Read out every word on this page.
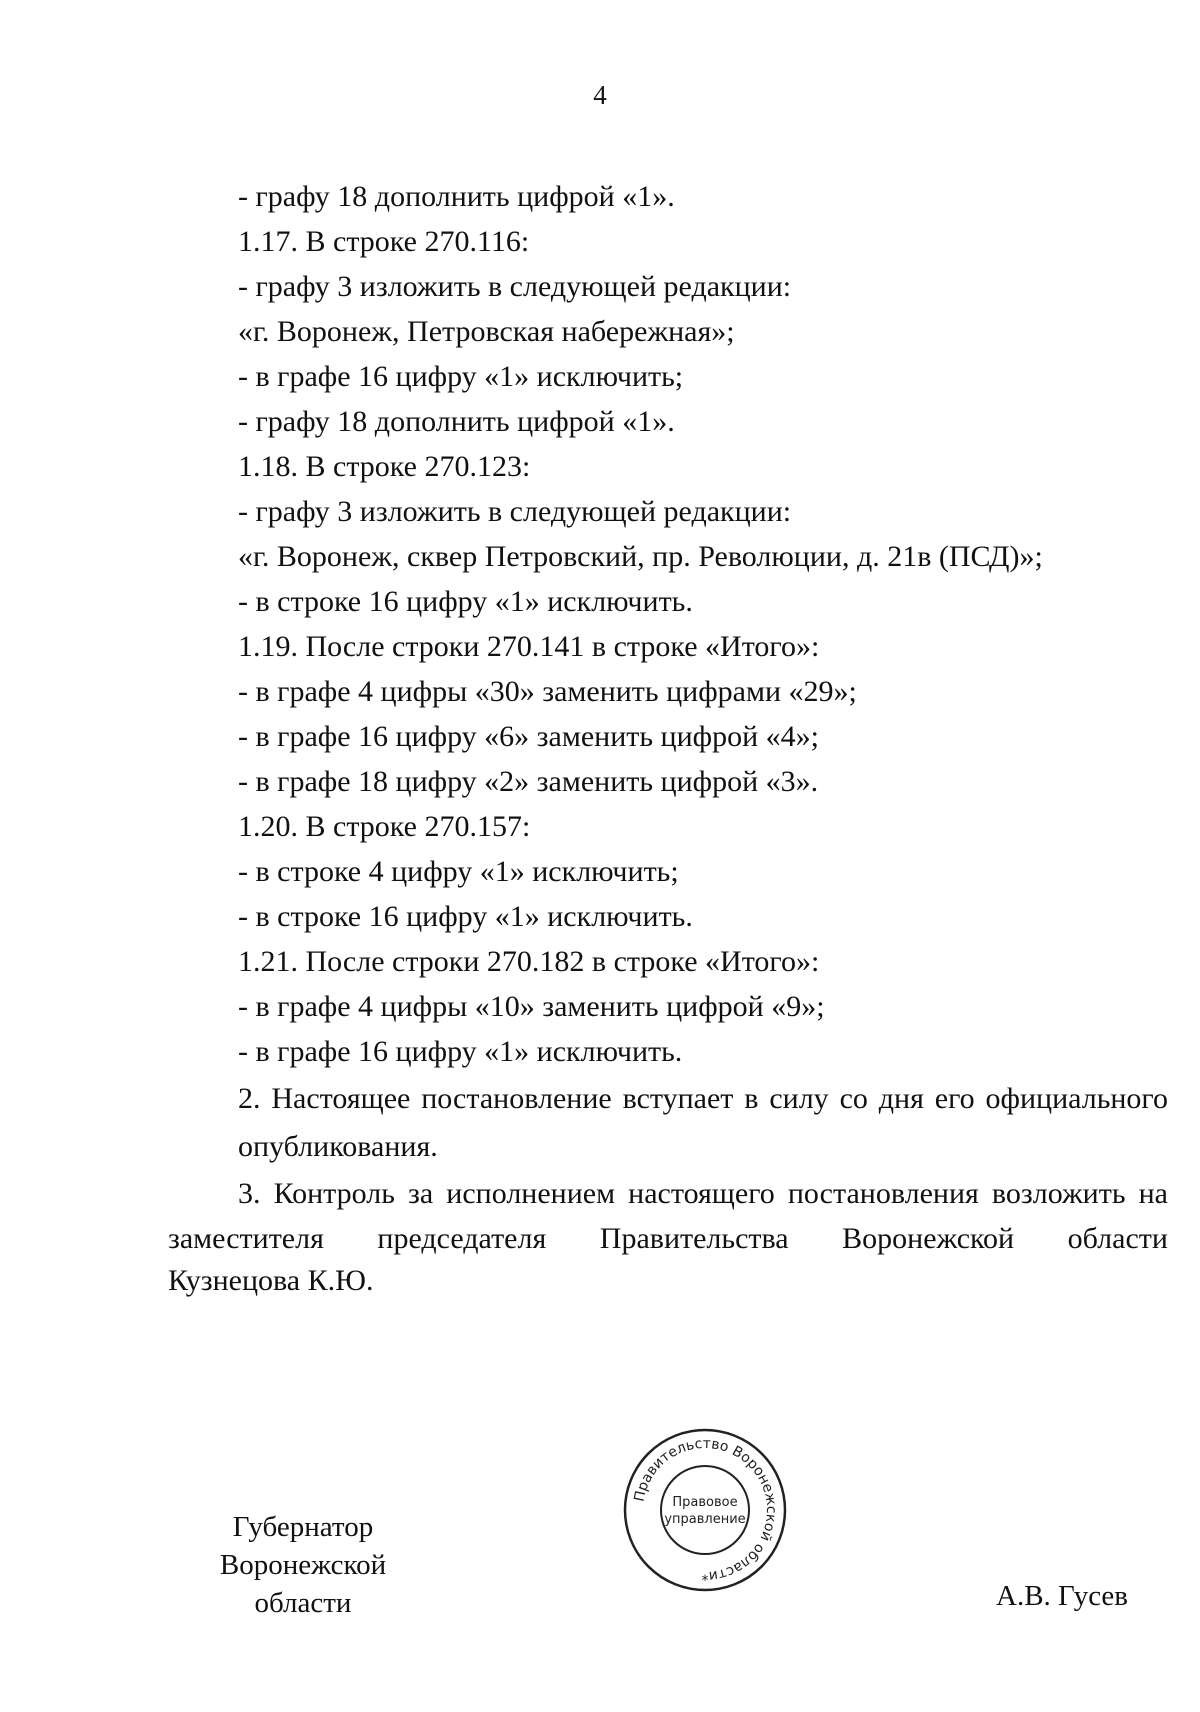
4
- графу 18 дополнить цифрой «1».
1.17. В строке 270.116:
- графу 3 изложить в следующей редакции:
«г. Воронеж, Петровская набережная»;
- в графе 16 цифру «1» исключить;
- графу 18 дополнить цифрой «1».
1.18. В строке 270.123:
- графу 3 изложить в следующей редакции:
«г. Воронеж, сквер Петровский, пр. Революции, д. 21в (ПСД)»;
- в строке 16 цифру «1» исключить.
1.19. После строки 270.141 в строке «Итого»:
- в графе 4 цифры «30» заменить цифрами «29»;
- в графе 16 цифру «6» заменить цифрой «4»;
- в графе 18 цифру «2» заменить цифрой «3».
1.20. В строке 270.157:
- в строке 4 цифру «1» исключить;
- в строке 16 цифру «1» исключить.
1.21. После строки 270.182 в строке «Итого»:
- в графе 4 цифры «10» заменить цифрой «9»;
- в графе 16 цифру «1» исключить.
2. Настоящее постановление вступает в силу со дня его официального опубликования.
3. Контроль за исполнением настоящего постановления возложить на
заместителя председателя Правительства Воронежской области
Кузнецова К.Ю.
Губернатор
Воронежской области
Правительство Воронежской области
Правовое
управление
*	А.В. Гусев
